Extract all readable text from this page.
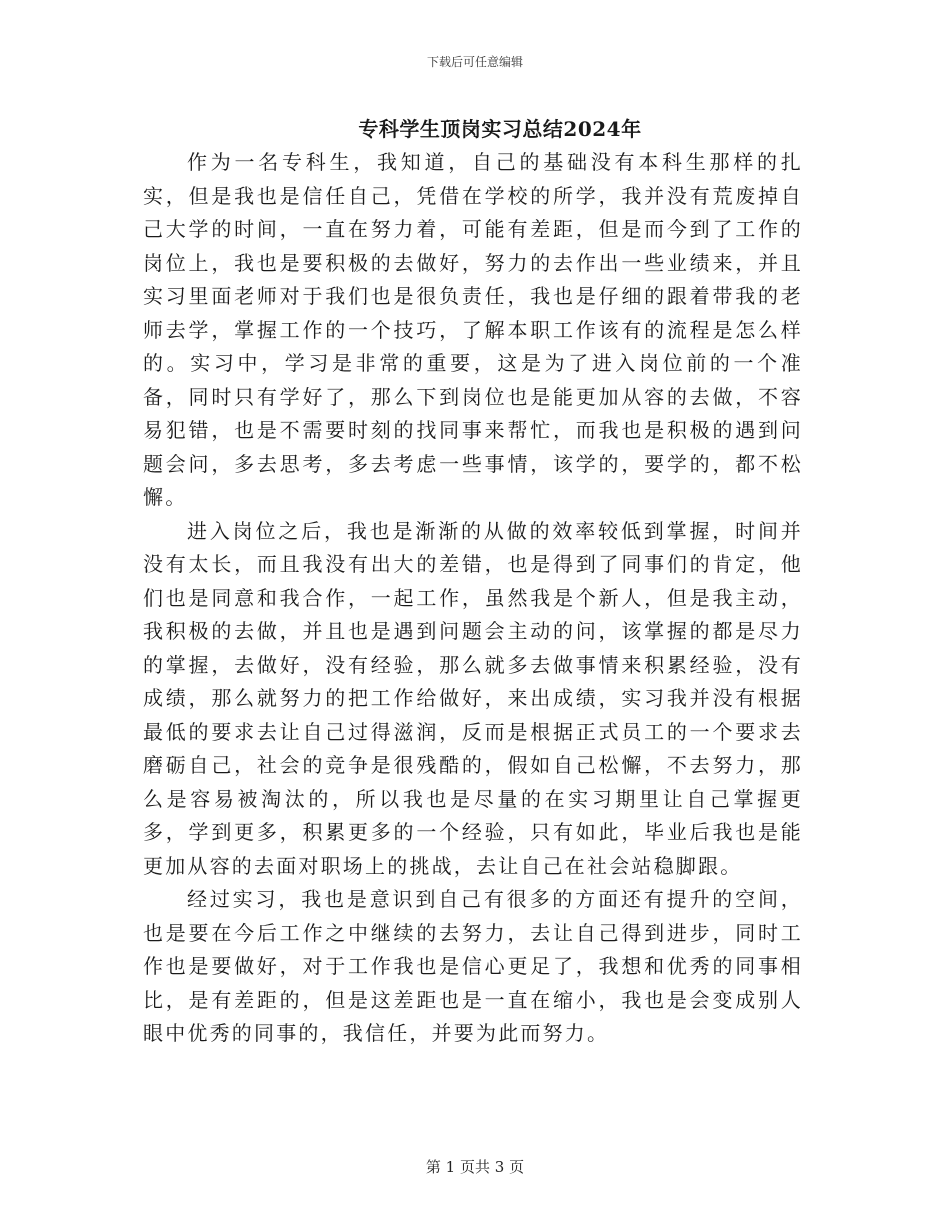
下载后可任意编辑
专科学生顶岗实习总结2024年

作为一名专科生，我知道，自己的基础没有本科生那样的扎实，但是我也是信任自己，凭借在学校的所学，我并没有荒废掉自己大学的时间，一直在努力着，可能有差距，但是而今到了工作的岗位上，我也是要积极的去做好，努力的去作出一些业绩来，并且实习里面老师对于我们也是很负责任，我也是仔细的跟着带我的老师去学，掌握工作的一个技巧，了解本职工作该有的流程是怎么样的。实习中，学习是非常的重要，这是为了进入岗位前的一个准备，同时只有学好了，那么下到岗位也是能更加从容的去做，不容易犯错，也是不需要时刻的找同事来帮忙，而我也是积极的遇到问题会问，多去思考，多去考虑一些事情，该学的，要学的，都不松懈。

进入岗位之后，我也是渐渐的从做的效率较低到掌握，时间并没有太长，而且我没有出大的差错，也是得到了同事们的肯定，他们也是同意和我合作，一起工作，虽然我是个新人，但是我主动，我积极的去做，并且也是遇到问题会主动的问，该掌握的都是尽力的掌握，去做好，没有经验，那么就多去做事情来积累经验，没有成绩，那么就努力的把工作给做好，来出成绩，实习我并没有根据最低的要求去让自己过得滋润，反而是根据正式员工的一个要求去磨砺自己，社会的竞争是很残酷的，假如自己松懈，不去努力，那么是容易被淘汰的，所以我也是尽量的在实习期里让自己掌握更多，学到更多，积累更多的一个经验，只有如此，毕业后我也是能更加从容的去面对职场上的挑战，去让自己在社会站稳脚跟。

经过实习，我也是意识到自己有很多的方面还有提升的空间，也是要在今后工作之中继续的去努力，去让自己得到进步，同时工作也是要做好，对于工作我也是信心更足了，我想和优秀的同事相比，是有差距的，但是这差距也是一直在缩小，我也是会变成别人眼中优秀的同事的，我信任，并要为此而努力。

第 1 页共 3 页
